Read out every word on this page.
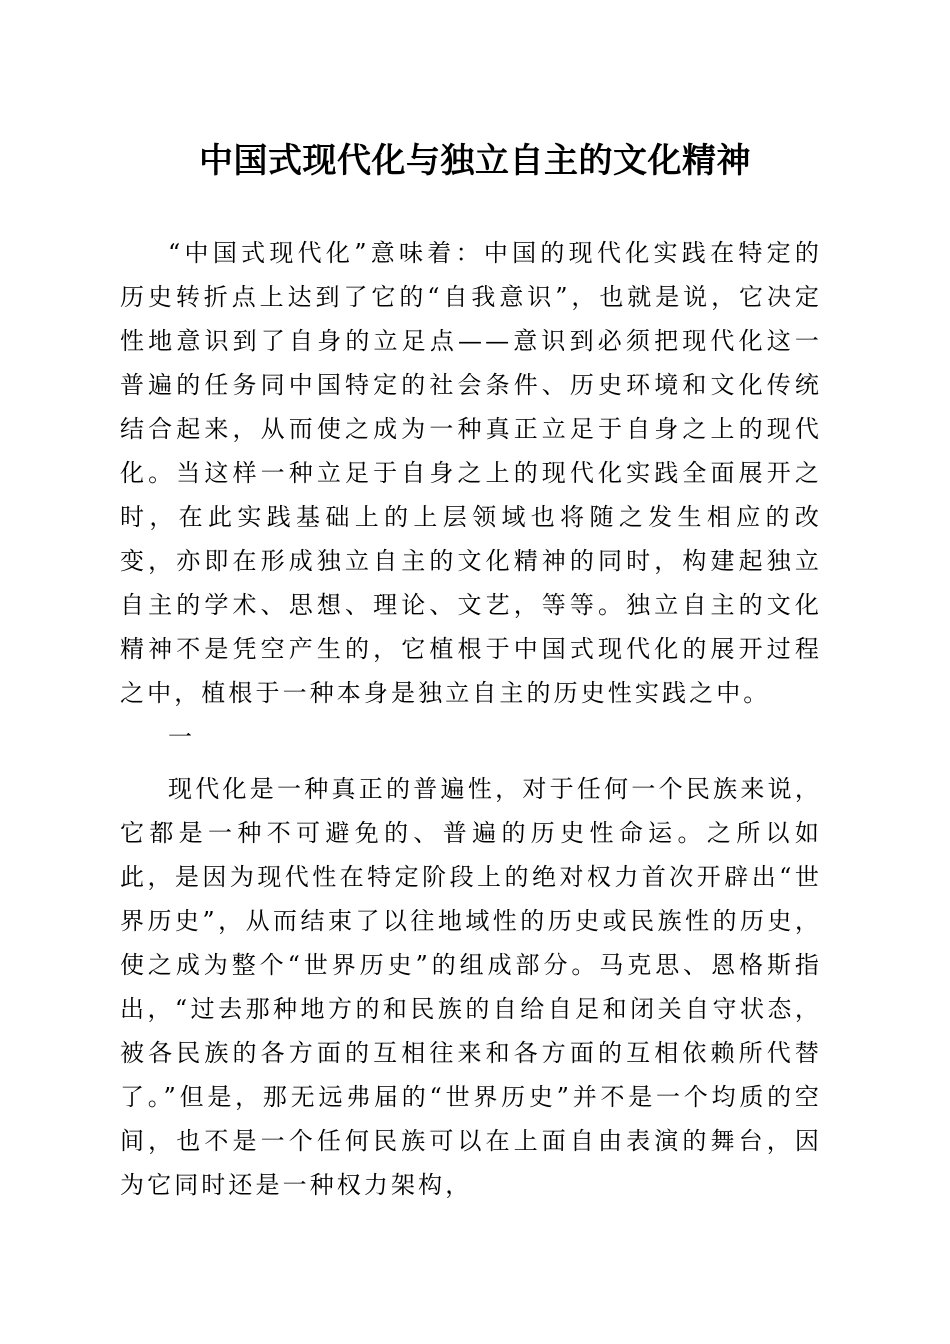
中国式现代化与独立自主的文化精神
“中国式现代化”意味着：中国的现代化实践在特定的历史转折点上达到了它的“自我意识”，也就是说，它决定性地意识到了自身的立足点——意识到必须把现代化这一普遍的任务同中国特定的社会条件、历史环境和文化传统结合起来，从而使之成为一种真正立足于自身之上的现代化。当这样一种立足于自身之上的现代化实践全面展开之时，在此实践基础上的上层领域也将随之发生相应的改变，亦即在形成独立自主的文化精神的同时，构建起独立自主的学术、思想、理论、文艺，等等。独立自主的文化精神不是凭空产生的，它植根于中国式现代化的展开过程之中，植根于一种本身是独立自主的历史性实践之中。
一
现代化是一种真正的普遍性，对于任何一个民族来说，它都是一种不可避免的、普遍的历史性命运。之所以如此，是因为现代性在特定阶段上的绝对权力首次开辟出“世界历史”，从而结束了以往地域性的历史或民族性的历史，使之成为整个“世界历史”的组成部分。马克思、恩格斯指出，“过去那种地方的和民族的自给自足和闭关自守状态，被各民族的各方面的互相往来和各方面的互相依赖所代替了。”但是，那无远弗届的“世界历史”并不是一个均质的空间，也不是一个任何民族可以在上面自由表演的舞台，因为它同时还是一种权力架构，
